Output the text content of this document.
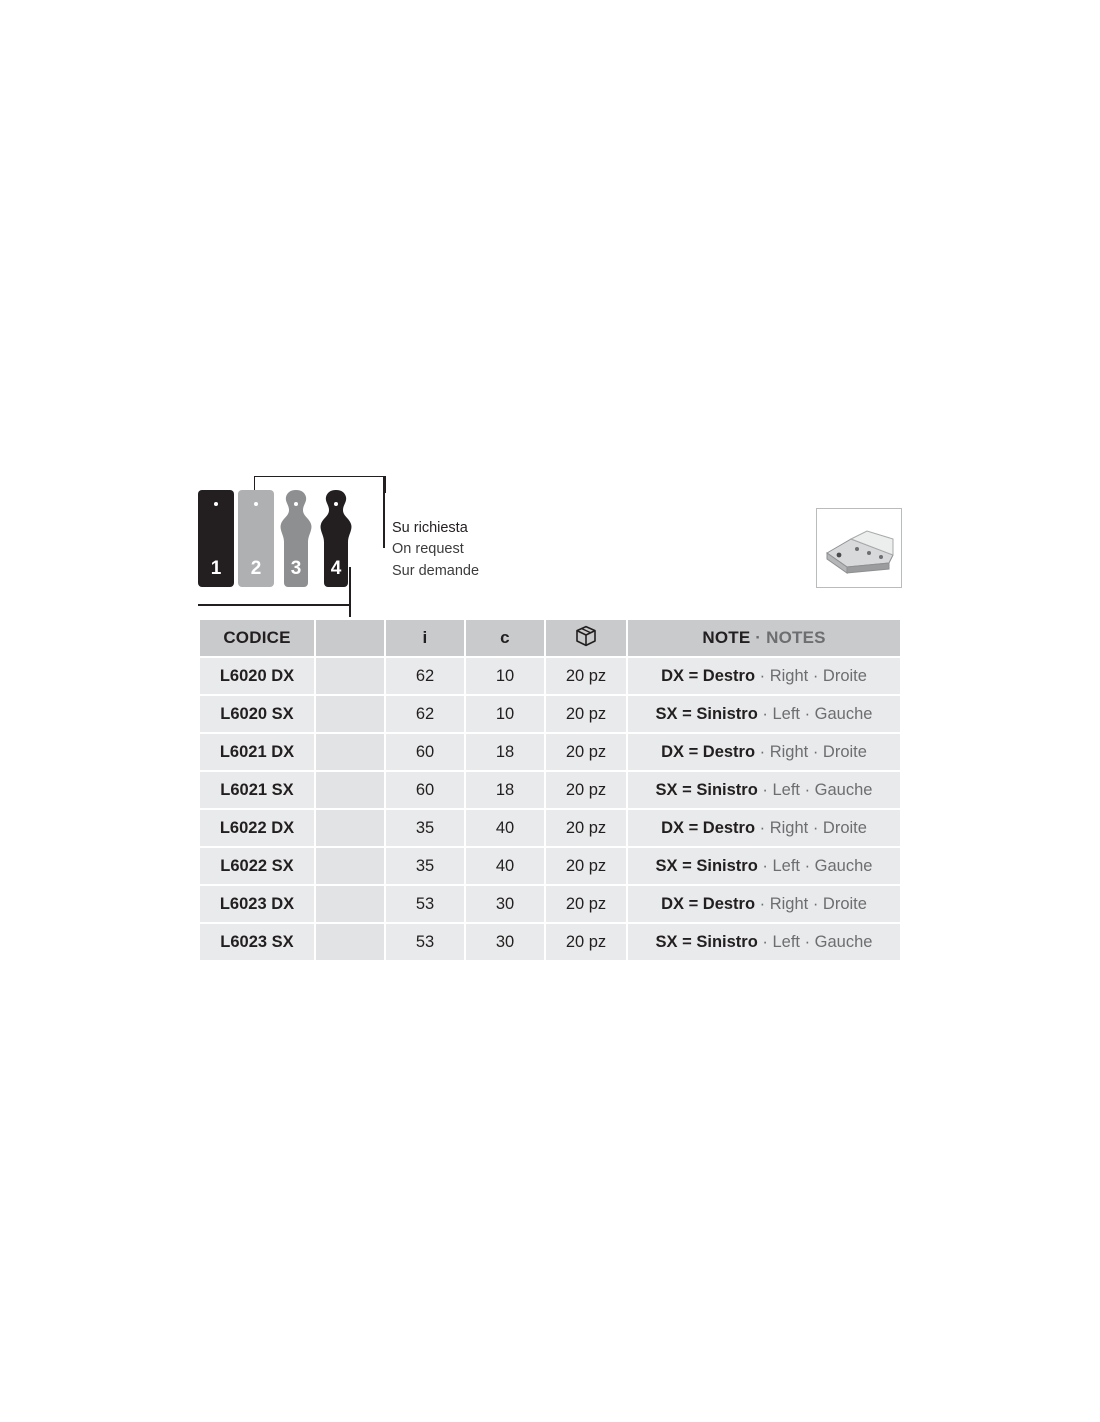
1 2 3 4
Su richiesta
On request
Sur demande
CODICE		i	c		NOTE · NOTES
L6020 DX		62	10	20 pz	DX = Destro · Right · Droite
L6020 SX		62	10	20 pz	SX = Sinistro · Left · Gauche
L6021 DX		60	18	20 pz	DX = Destro · Right · Droite
L6021 SX		60	18	20 pz	SX = Sinistro · Left · Gauche
L6022 DX		35	40	20 pz	DX = Destro · Right · Droite
L6022 SX		35	40	20 pz	SX = Sinistro · Left · Gauche
L6023 DX		53	30	20 pz	DX = Destro · Right · Droite
L6023 SX		53	30	20 pz	SX = Sinistro · Left · Gauche
